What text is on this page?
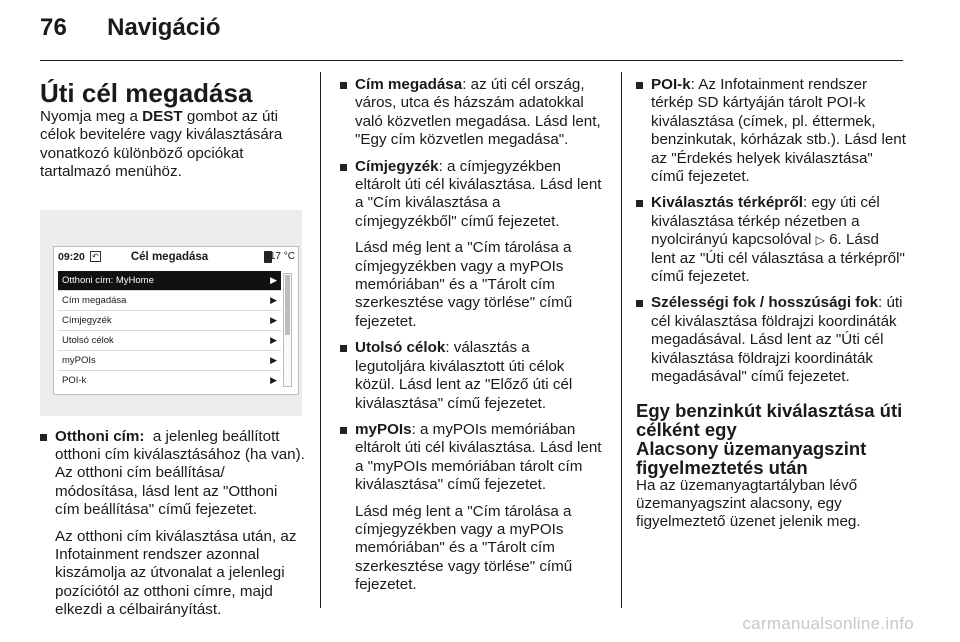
76 Navigáció
Úti cél megadása

Nyomja meg a DEST gombot az úti célok bevitelére vagy kiválasztására vonatkozó különböző opciókat tartalmazó menühöz.

09:20 ↶	Cél megadása	17 °C
Otthoni cím: MyHome	▶
Cím megadása	▶
Címjegyzék	▶
Utolsó célok	▶
myPOIs	▶
POI-k	▶
Otthoni cím:  a jelenleg beállított otthoni cím kiválasztásához (ha van). Az otthoni cím beállítása/ módosítása, lásd lent az "Otthoni cím beállítása" című fejezetet.
Az otthoni cím kiválasztása után, az Infotainment rendszer azonnal kiszámolja az útvonalat a jelenlegi pozíciótól az otthoni címre, majd elkezdi a célbairányítást.
Cím megadása: az úti cél ország, város, utca és házszám adatokkal való közvetlen megadása. Lásd lent, "Egy cím közvetlen megadása".
Címjegyzék: a címjegyzékben eltárolt úti cél kiválasztása. Lásd lent a "Cím kiválasztása a címjegyzékből" című fejezetet.
Lásd még lent a "Cím tárolása a címjegyzékben vagy a myPOIs memóriában" és a "Tárolt cím szerkesztése vagy törlése" című fejezetet.
Utolsó célok: választás a legutoljára kiválasztott úti célok közül. Lásd lent az "Előző úti cél kiválasztása" című fejezetet.
myPOIs: a myPOIs memóriában eltárolt úti cél kiválasztása. Lásd lent a "myPOIs memóriában tárolt cím kiválasztása" című fejezetet.
Lásd még lent a "Cím tárolása a címjegyzékben vagy a myPOIs memóriában" és a "Tárolt cím szerkesztése vagy törlése" című fejezetet.
POI-k: Az Infotainment rendszer térkép SD kártyáján tárolt POI-k kiválasztása (címek, pl. éttermek, benzinkutak, kórházak stb.). Lásd lent az "Érdekés helyek kiválasztása" című fejezetet.
Kiválasztás térképről: egy úti cél kiválasztása térkép nézetben a nyolcirányú kapcsolóval ▷ 6. Lásd lent az "Úti cél választása a térképről" című fejezetet.
Szélességi fok / hosszúsági fok: úti cél kiválasztása földrajzi koordináták megadásával. Lásd lent az "Úti cél kiválasztása földrajzi koordináták megadásával" című fejezetet.
Egy benzinkút kiválasztása úti célként egy
Alacsony üzemanyagszint figyelmeztetés után

Ha az üzemanyagtartályban lévő üzemanyagszint alacsony, egy figyelmeztető üzenet jelenik meg.

carmanualsonline.info
